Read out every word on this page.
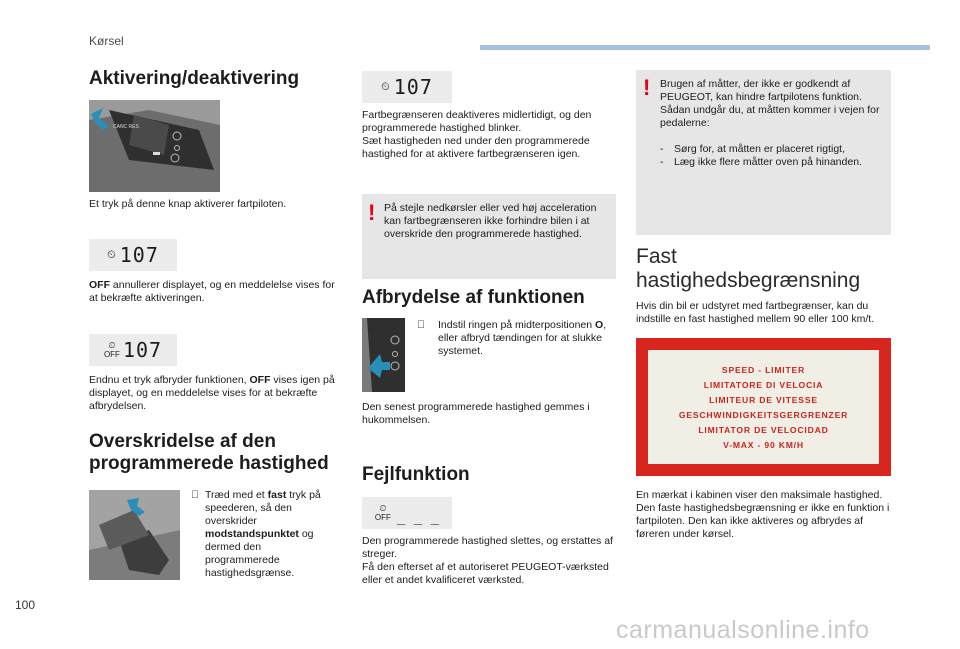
Kørsel
Aktivering/deaktivering
CANC RES
Et tryk på denne knap aktiverer fartpiloten.
⏲ 107
OFF annullerer displayet, og en meddelelse vises for at bekræfte aktiveringen.
⏲
OFF 107
Endnu et tryk afbryder funktionen, OFF vises igen på displayet, og en meddelelse vises for at bekræfte afbrydelsen.
Overskridelse af den programmerede hastighed
Træd med et fast tryk på speederen, så den overskrider modstandspunktet og dermed den programmerede hastighedsgrænse.
⏲ 107
Fartbegrænseren deaktiveres midlertidigt, og den programmerede hastighed blinker.
Sæt hastigheden ned under den programmerede hastighed for at aktivere fartbegrænseren igen.
! På stejle nedkørsler eller ved høj acceleration kan fartbegrænseren ikke forhindre bilen i at overskride den programmerede hastighed.
Afbrydelse af funktionen
Indstil ringen på midterpositionen O, eller afbryd tændingen for at slukke systemet.
Den senest programmerede hastighed gemmes i hukommelsen.
Fejlfunktion
⏲
OFF _ _ _
Den programmerede hastighed slettes, og erstattes af streger.
Få den efterset af et autoriseret PEUGEOT-værksted eller et andet kvalificeret værksted.
! Brugen af måtter, der ikke er godkendt af PEUGEOT, kan hindre fartpilotens funktion.
Sådan undgår du, at måtten kommer i vejen for pedalerne:
- Sørg for, at måtten er placeret rigtigt,
- Læg ikke flere måtter oven på hinanden.
Fast hastighedsbegrænsning
Hvis din bil er udstyret med fartbegrænser, kan du indstille en fast hastighed mellem 90 eller 100 km/t.
SPEED - LIMITER
LIMITATORE DI VELOCIA
LIMITEUR DE VITESSE
GESCHWINDIGKEITSGERGRENZER
LIMITATOR DE VELOCIDAD
V-MAX - 90 KM/H
En mærkat i kabinen viser den maksimale hastighed.
Den faste hastighedsbegrænsning er ikke en funktion i fartpiloten. Den kan ikke aktiveres og afbrydes af føreren under kørsel.
100
carmanualsonline.info
